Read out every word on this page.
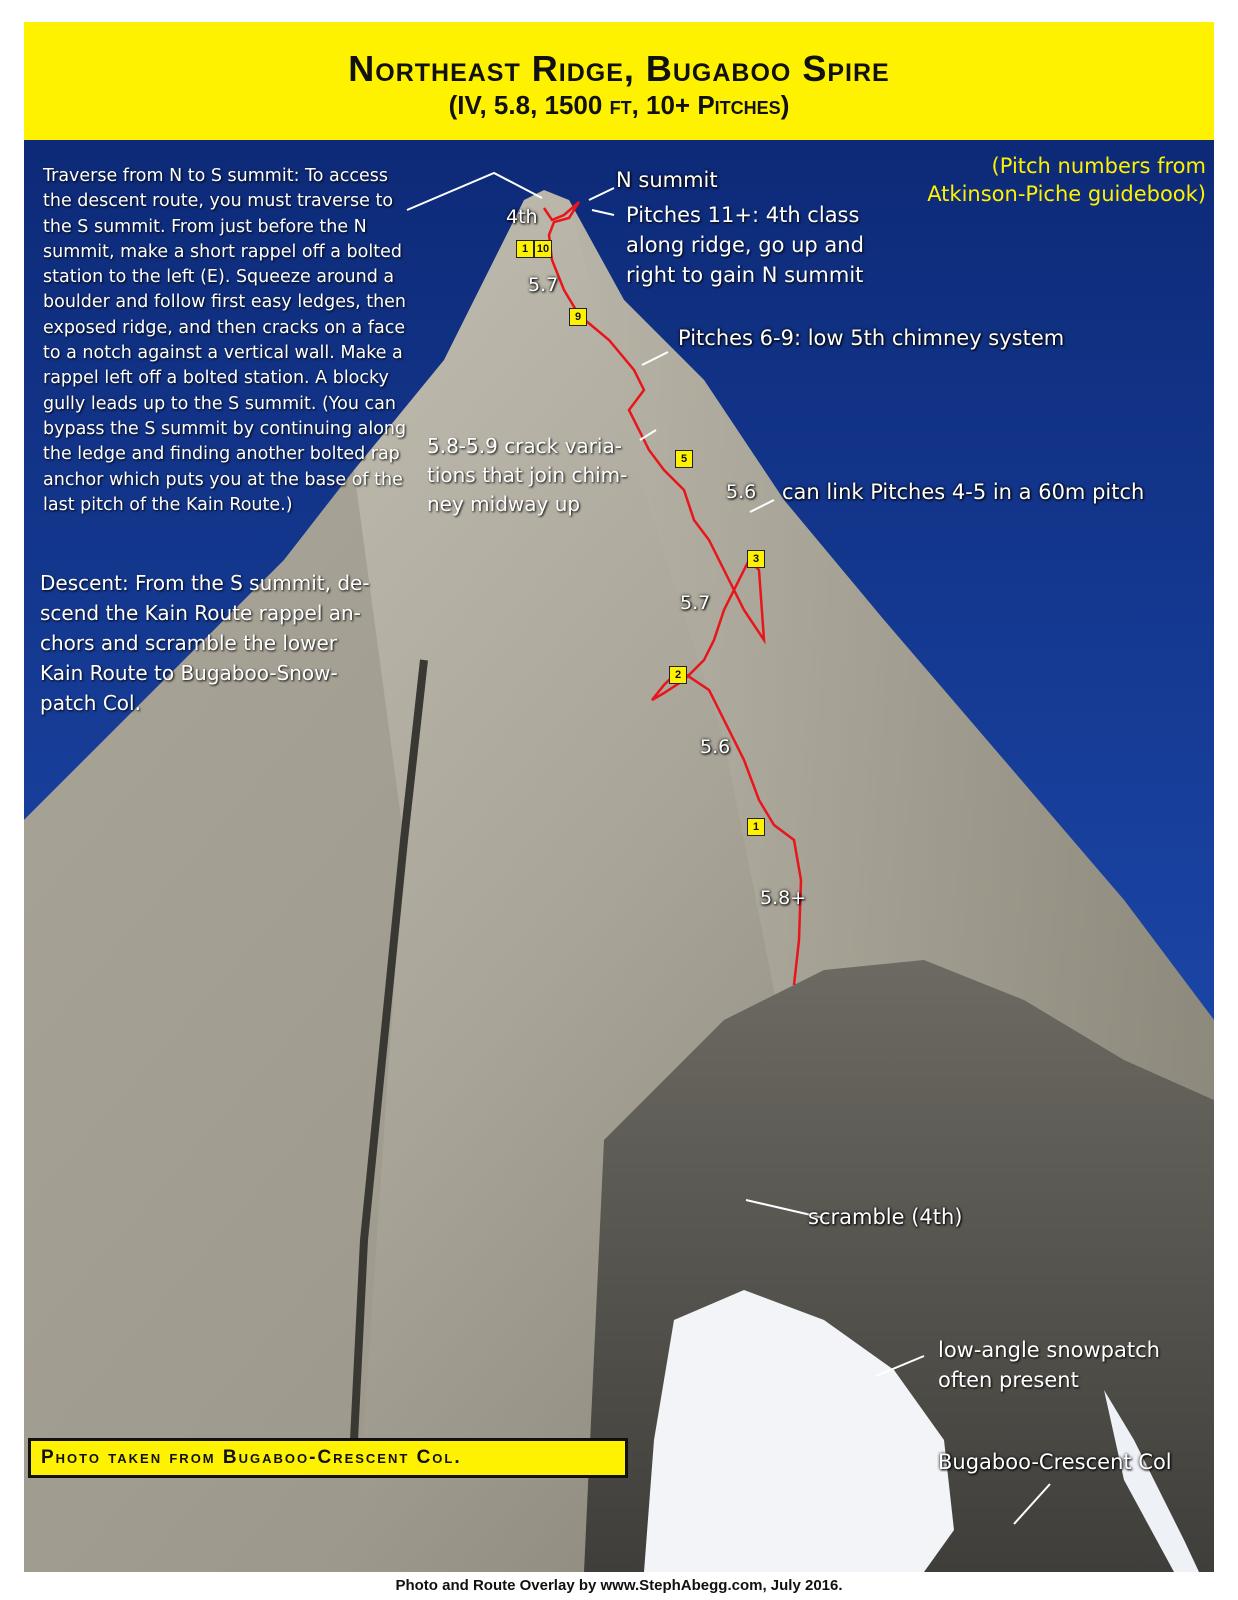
Northeast Ridge, Bugaboo Spire
(IV, 5.8, 1500 ft, 10+ Pitches)
(Pitch numbers from
Atkinson-Piche guidebook)
Traverse from N to S summit: To access
the descent route, you must traverse to
the S summit. From just before the N
summit, make a short rappel off a bolted
station to the left (E). Squeeze around a
boulder and follow first easy ledges, then
exposed ridge, and then cracks on a face
to a notch against a vertical wall. Make a
rappel left off a bolted station. A blocky
gully leads up to the S summit. (You can
bypass the S summit by continuing along
the ledge and finding another bolted rap
anchor which puts you at the base of the
last pitch of the Kain Route.)
Descent: From the S summit, de-
scend the Kain Route rappel an-
chors and scramble the lower
Kain Route to Bugaboo-Snow-
patch Col.
N summit
Pitches 11+: 4th class
along ridge, go up and
right to gain N summit
4th
Pitches 6-9: low 5th chimney system
5.8-5.9 crack varia-
tions that join chim-
ney midway up	can link Pitches 4-5 in a 60m pitch
scramble (4th)
low-angle snowpatch
often present
Bugaboo-Crescent Col
5.7
5.6
5.7
5.6
5.8+
1 10
9
5
3
2
1
Photo taken from Bugaboo-Crescent Col.
Photo and Route Overlay by www.StephAbegg.com, July 2016.
